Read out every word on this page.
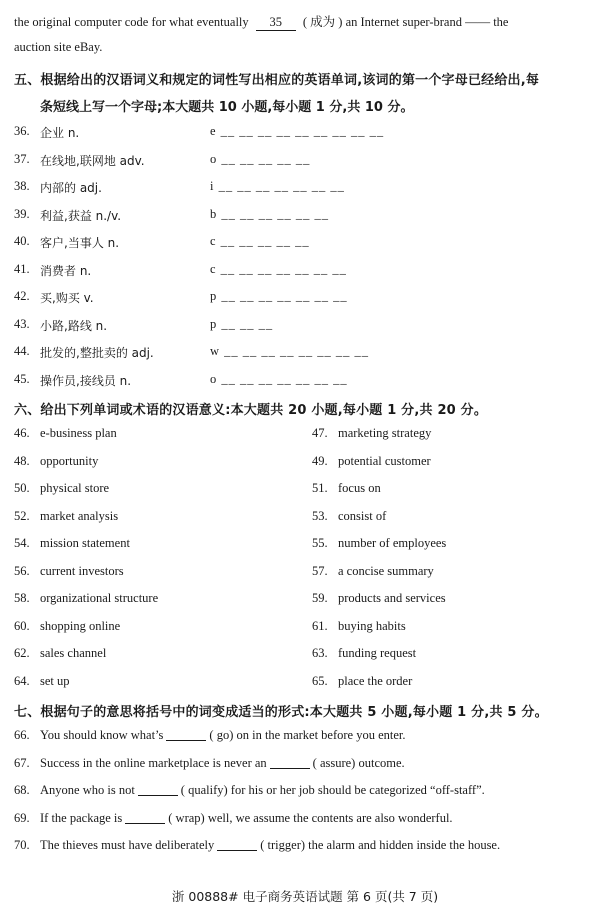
the original computer code for what eventually 35 ( 成为 ) an Internet super-brand —— the
auction site eBay.
五、根据给出的汉语词义和规定的词性写出相应的英语单词,该词的第一个字母已经给出,每
条短线上写一个字母;本大题共 10 小题,每小题 1 分,共 10 分。
36. 企业 n.	e __ __ __ __ __ __ __ __ __
37. 在线地,联网地 adv.	o __ __ __ __ __
38. 内部的 adj.	i __ __ __ __ __ __ __
39. 利益,获益 n./v.	b __ __ __ __ __ __
40. 客户,当事人 n.	c __ __ __ __ __
41. 消费者 n.	c __ __ __ __ __ __ __
42. 买,购买 v.	p __ __ __ __ __ __ __
43. 小路,路线 n.	p __ __ __
44. 批发的,整批卖的 adj.	w __ __ __ __ __ __ __ __
45. 操作员,接线员 n.	o __ __ __ __ __ __ __
六、给出下列单词或术语的汉语意义:本大题共 20 小题,每小题 1 分,共 20 分。
46. e-business plan	47. marketing strategy
48. opportunity	49. potential customer
50. physical store	51. focus on
52. market analysis	53. consist of
54. mission statement	55. number of employees
56. current investors	57. a concise summary
58. organizational structure	59. products and services
60. shopping online	61. buying habits
62. sales channel	63. funding request
64. set up	65. place the order
七、根据句子的意思将括号中的词变成适当的形式:本大题共 5 小题,每小题 1 分,共 5 分。
66. You should know what’s	( go) on in the market before you enter.
67. Success in the online marketplace is never an	( assure) outcome.
68. Anyone who is not	( qualify) for his or her job should be categorized “off-staff”.
69. If the package is	( wrap) well, we assume the contents are also wonderful.
70. The thieves must have deliberately	( trigger) the alarm and hidden inside the house.
浙 00888# 电子商务英语试题 第 6 页(共 7 页)
